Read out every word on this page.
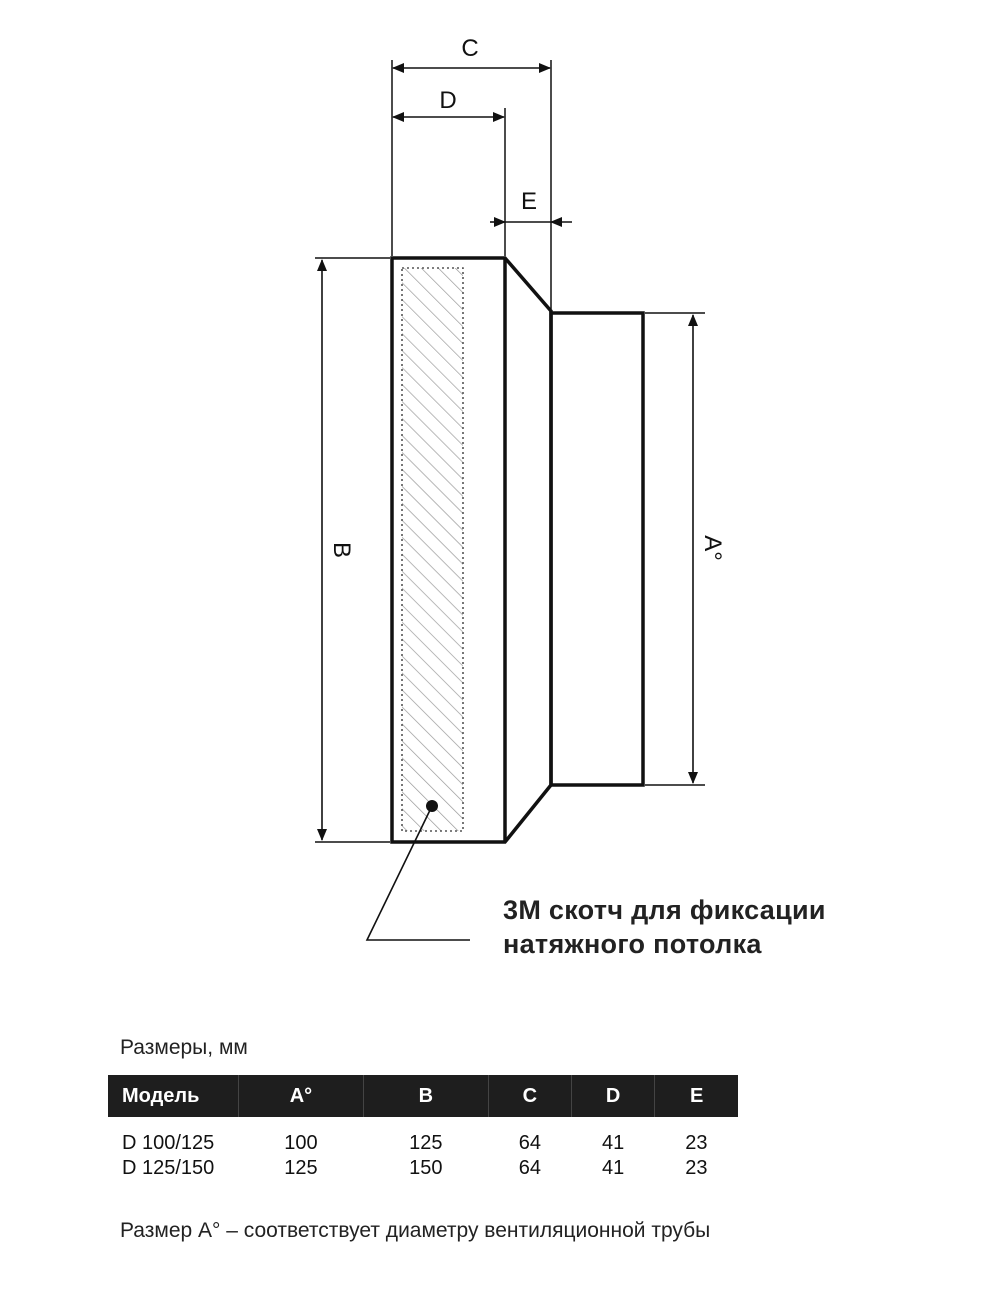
C
D
E
B	A°
3M скотч для фиксации
натяжного потолка
Размеры, мм
Модель	A°	B	C	D	E

D 100/125	100	125	64	41	23
D 125/150	125	150	64	41	23
Размер A° – соответствует диаметру вентиляционной трубы
